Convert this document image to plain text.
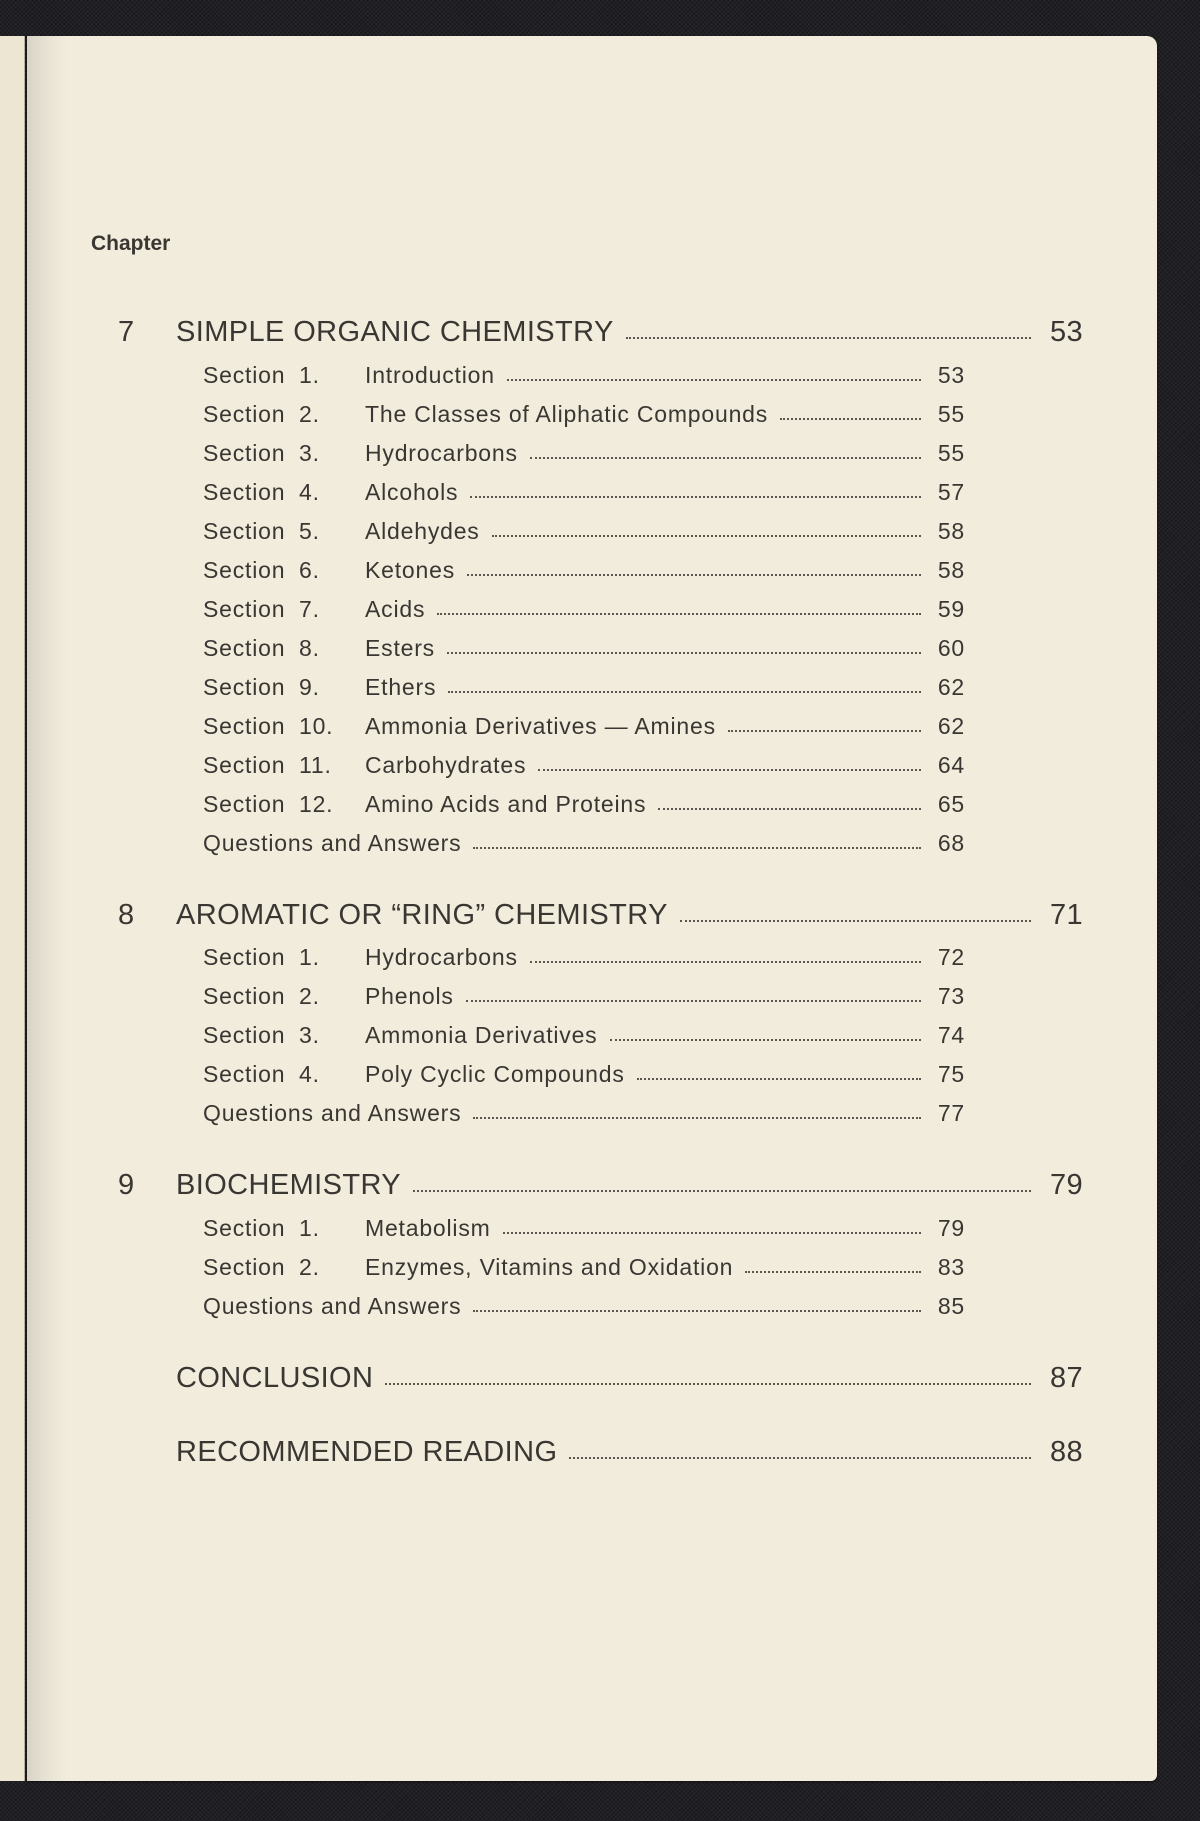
Chapter
7	SIMPLE ORGANIC CHEMISTRY	53
Section 1.	Introduction	53
Section 2.	The Classes of Aliphatic Compounds	55
Section 3.	Hydrocarbons	55
Section 4.	Alcohols	57
Section 5.	Aldehydes	58
Section 6.	Ketones	58
Section 7.	Acids	59
Section 8.	Esters	60
Section 9.	Ethers	62
Section 10.	Ammonia Derivatives — Amines	62
Section 11.	Carbohydrates	64
Section 12.	Amino Acids and Proteins	65
Questions and Answers	68
8	AROMATIC OR “RING” CHEMISTRY	71
Section 1.	Hydrocarbons	72
Section 2.	Phenols	73
Section 3.	Ammonia Derivatives	74
Section 4.	Poly Cyclic Compounds	75
Questions and Answers	77
9	BIOCHEMISTRY	79
Section 1.	Metabolism	79
Section 2.	Enzymes, Vitamins and Oxidation	83
Questions and Answers	85
CONCLUSION	87
RECOMMENDED READING	88
